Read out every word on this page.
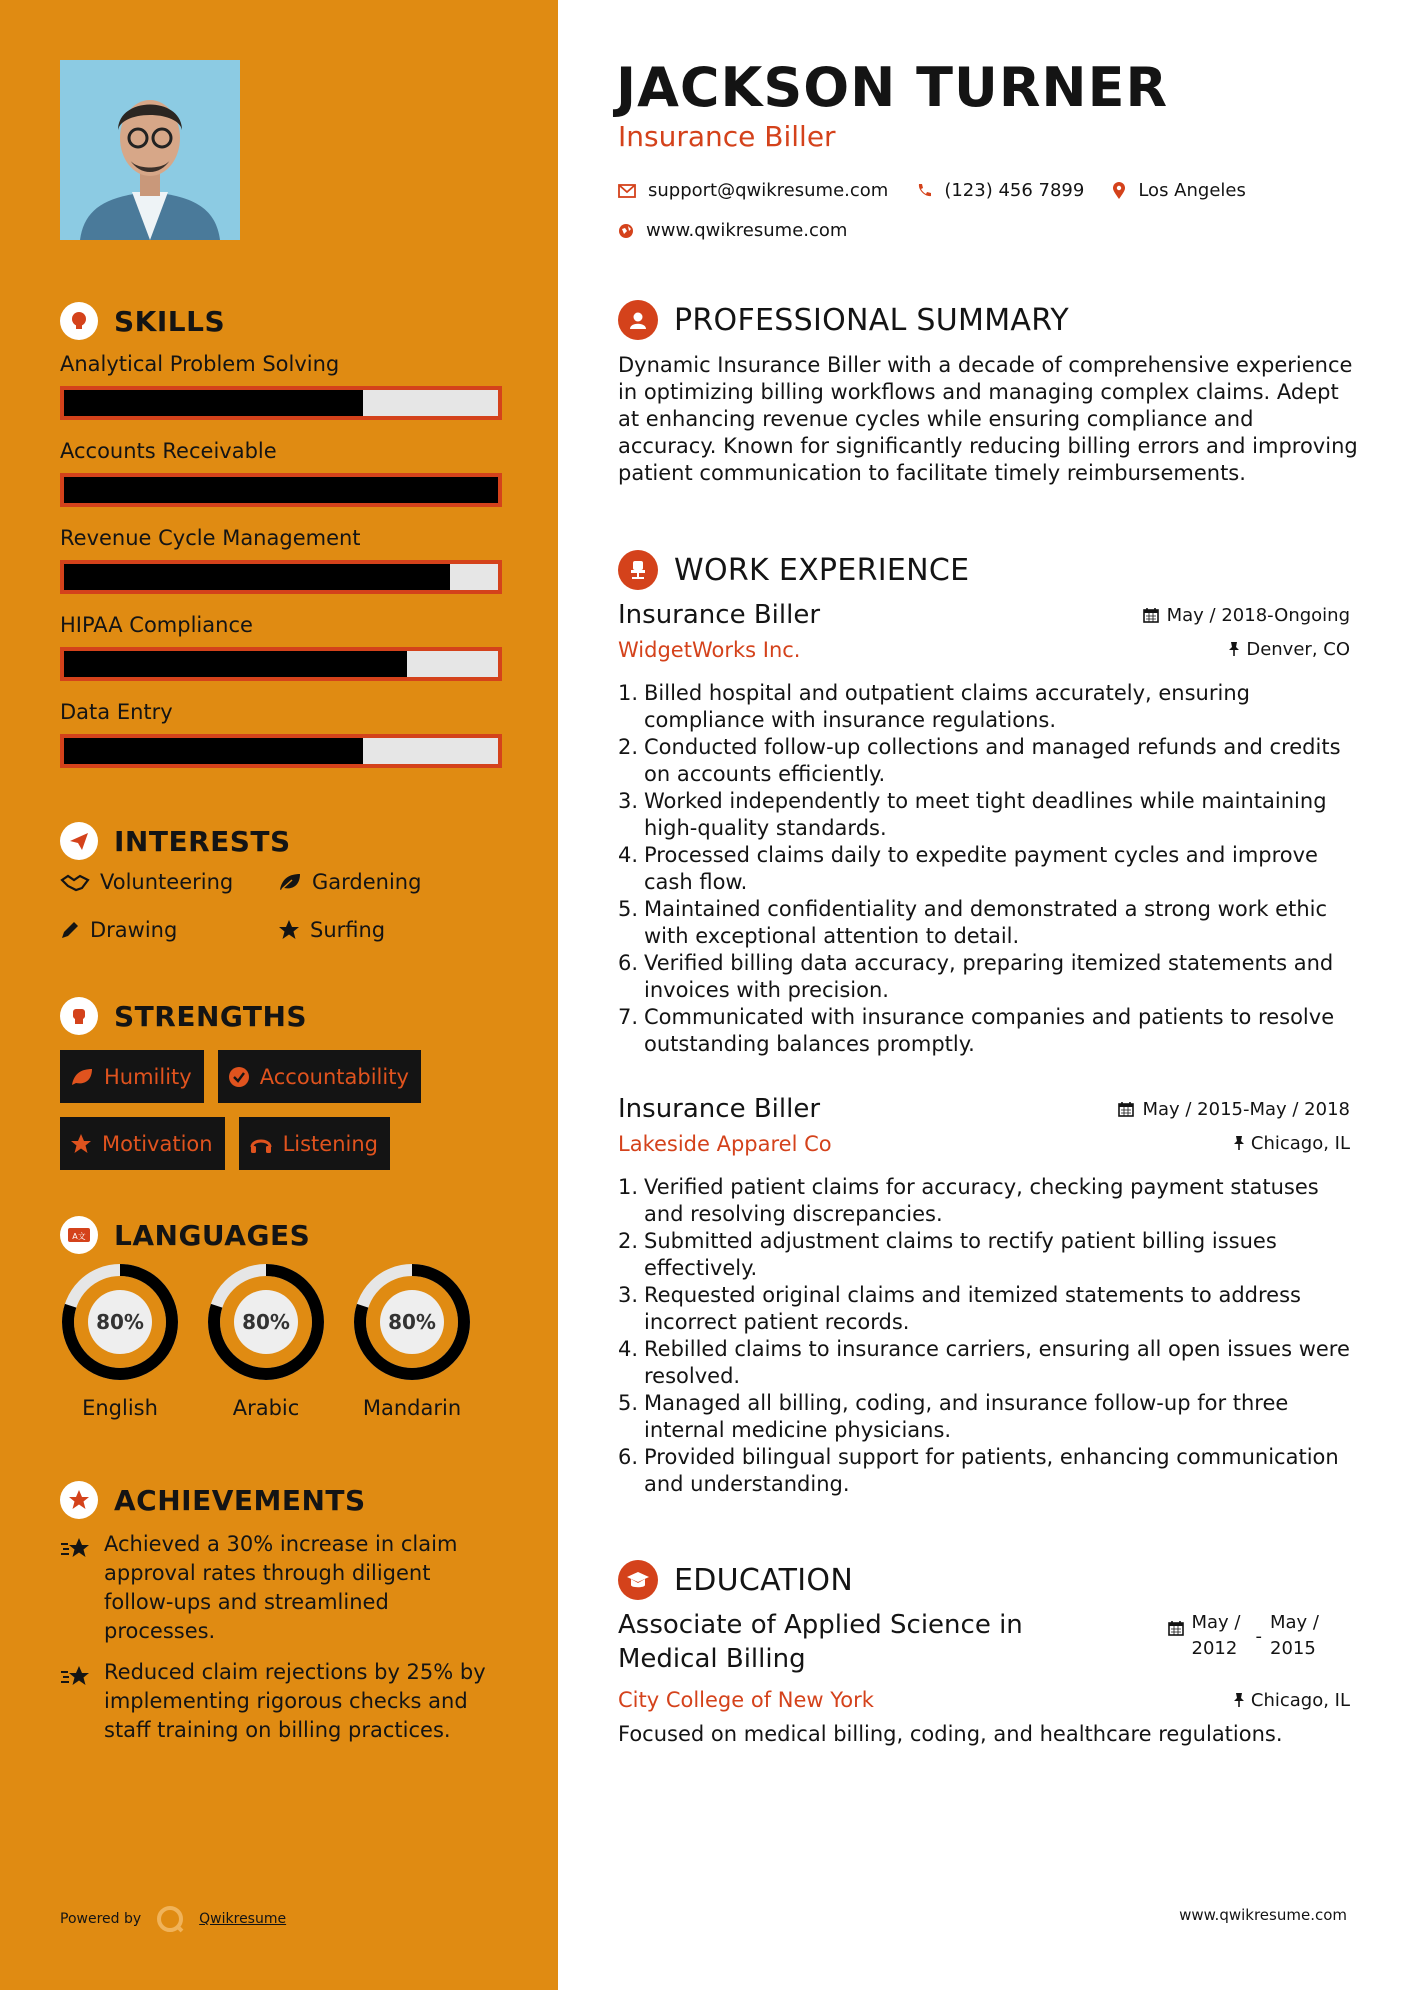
SKILLS
Analytical Problem Solving
Accounts Receivable
Revenue Cycle Management
HIPAA Compliance
Data Entry
INTERESTS
Volunteering	Gardening
Drawing	Surfing
STRENGTHS
Humility	Accountability
Motivation	Listening
A文 LANGUAGES
80%
English
80%
Arabic
80%
Mandarin
ACHIEVEMENTS
Achieved a 30% increase in claim approval rates through diligent follow-ups and streamlined processes.
Reduced claim rejections by 25% by implementing rigorous checks and staff training on billing practices.
Powered by	Qwikresume
JACKSON TURNER
Insurance Biller
support@qwikresume.com	(123) 456 7899	Los Angeles
www.qwikresume.com
PROFESSIONAL SUMMARY
Dynamic Insurance Biller with a decade of comprehensive experience in optimizing billing workflows and managing complex claims. Adept at enhancing revenue cycles while ensuring compliance and accuracy. Known for significantly reducing billing errors and improving patient communication to facilitate timely reimbursements.
WORK EXPERIENCE
Insurance Biller	May / 2018-Ongoing
WidgetWorks Inc.	Denver, CO
1. Billed hospital and outpatient claims accurately, ensuring compliance with insurance regulations.
2. Conducted follow-up collections and managed refunds and credits on accounts efficiently.
3. Worked independently to meet tight deadlines while maintaining high-quality standards.
4. Processed claims daily to expedite payment cycles and improve cash flow.
5. Maintained confidentiality and demonstrated a strong work ethic with exceptional attention to detail.
6. Verified billing data accuracy, preparing itemized statements and invoices with precision.
7. Communicated with insurance companies and patients to resolve outstanding balances promptly.
Insurance Biller	May / 2015-May / 2018
Lakeside Apparel Co	Chicago, IL
1. Verified patient claims for accuracy, checking payment statuses and resolving discrepancies.
2. Submitted adjustment claims to rectify patient billing issues effectively.
3. Requested original claims and itemized statements to address incorrect patient records.
4. Rebilled claims to insurance carriers, ensuring all open issues were resolved.
5. Managed all billing, coding, and insurance follow-up for three internal medicine physicians.
6. Provided bilingual support for patients, enhancing communication and understanding.
EDUCATION
Associate of Applied Science in Medical Billing
May / 2012
-
May / 2015
City College of New York	Chicago, IL
Focused on medical billing, coding, and healthcare regulations.
www.qwikresume.com
